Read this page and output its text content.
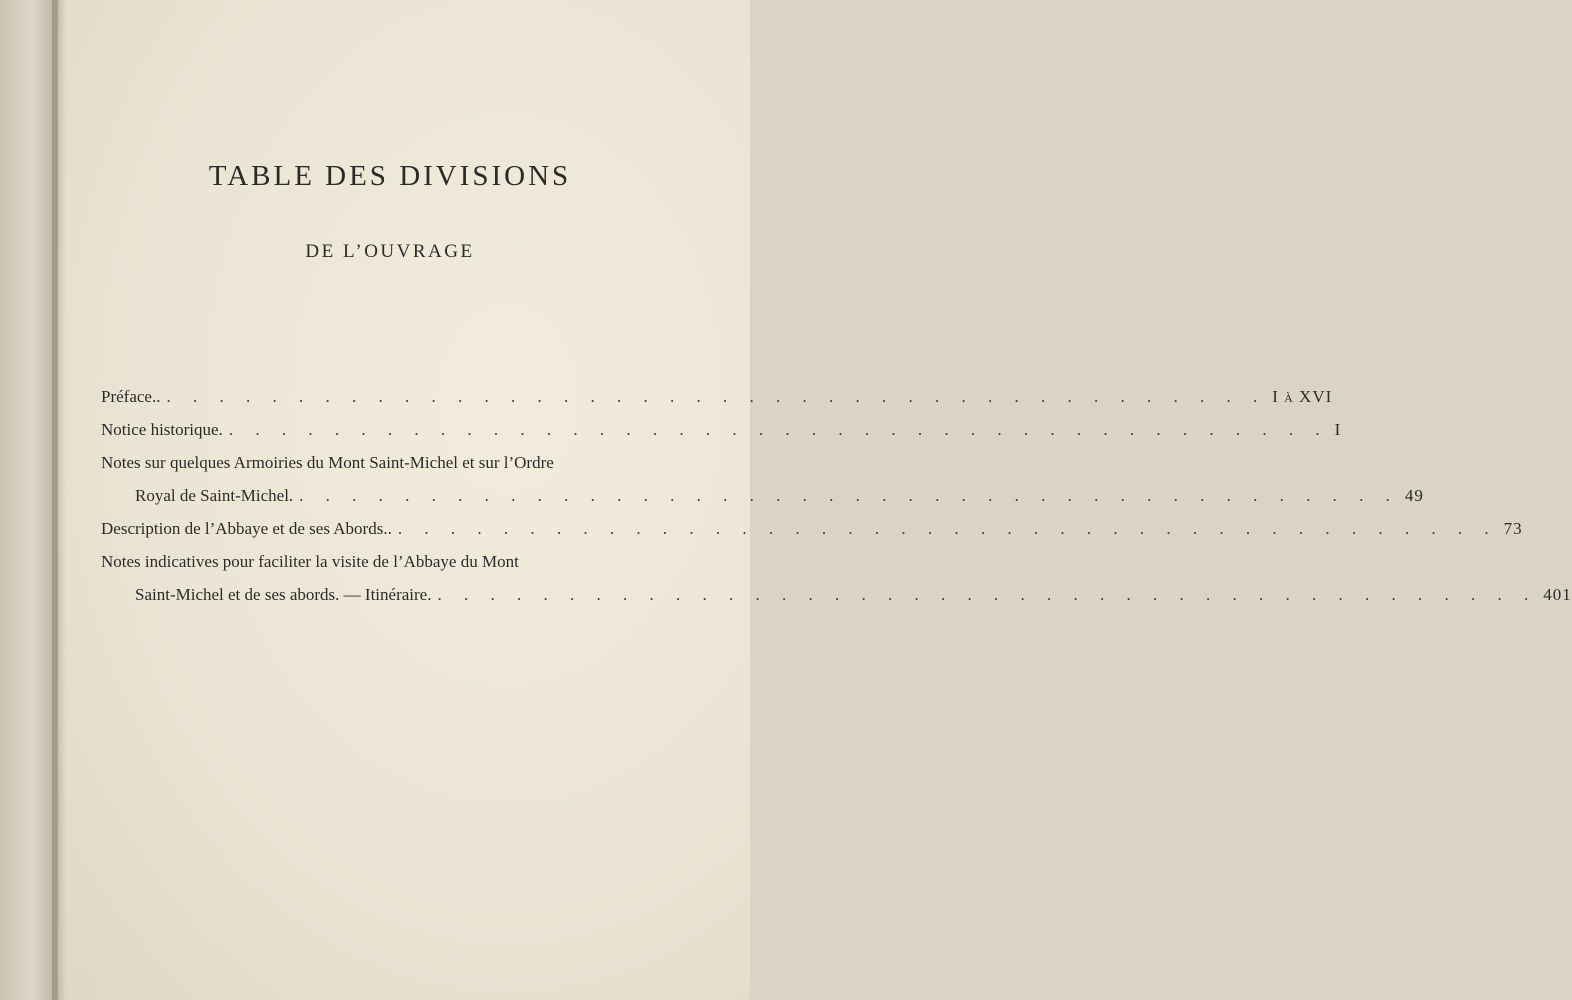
TABLE DES DIVISIONS
DE L’OUVRAGE
Préface.. . . . . . . . . . . . . . . . . . . . . . . . . . . . . . . . . . . . . . . . . . . I à XVI
Notice historique. . . . . . . . . . . . . . . . . . . . . . . . . . . . . . . . . . . . . . . . . . . I
Notes sur quelques Armoiries du Mont Saint-Michel et sur l’Ordre
Royal de Saint-Michel. . . . . . . . . . . . . . . . . . . . . . . . . . . . . . . . . . . . . . . . . . . 49
Description de l’Abbaye et de ses Abords.. . . . . . . . . . . . . . . . . . . . . . . . . . . . . . . . . . . . . . . . . . . 73
Notes indicatives pour faciliter la visite de l’Abbaye du Mont
Saint-Michel et de ses abords. — Itinéraire. . . . . . . . . . . . . . . . . . . . . . . . . . . . . . . . . . . . . . . . . . . 401
